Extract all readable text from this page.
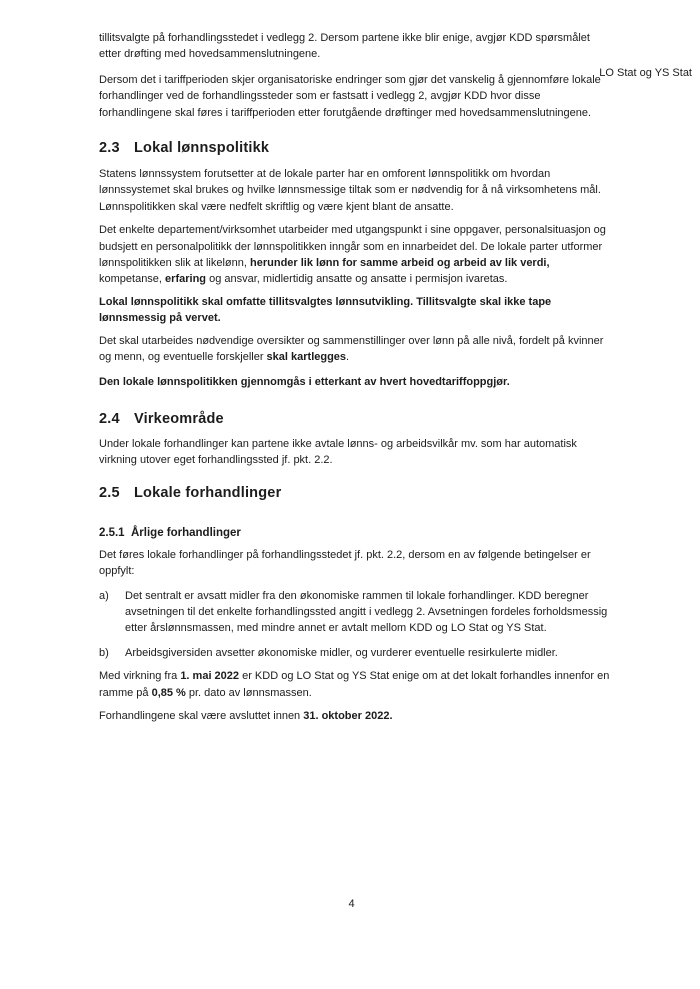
LO Stat og YS Stat

tillitsvalgte på forhandlingsstedet i vedlegg 2. Dersom partene ikke blir enige, avgjør KDD spørsmålet etter drøfting med hovedsammenslutningene.

Dersom det i tariffperioden skjer organisatoriske endringer som gjør det vanskelig å gjennomføre lokale forhandlinger ved de forhandlingssteder som er fastsatt i vedlegg 2, avgjør KDD hvor disse forhandlingene skal føres i tariffperioden etter forutgående drøftinger med hovedsammenslutningene.

2.3 Lokal lønnspolitikk

Statens lønnssystem forutsetter at de lokale parter har en omforent lønnspolitikk om hvordan lønnssystemet skal brukes og hvilke lønnsmessige tiltak som er nødvendig for å nå virksomhetens mål. Lønnspolitikken skal være nedfelt skriftlig og være kjent blant de ansatte.

Det enkelte departement/virksomhet utarbeider med utgangspunkt i sine oppgaver, personalsituasjon og budsjett en personalpolitikk der lønnspolitikken inngår som en innarbeidet del. De lokale parter utformer lønnspolitikken slik at likelønn, herunder lik lønn for samme arbeid og arbeid av lik verdi, kompetanse, erfaring og ansvar, midlertidig ansatte og ansatte i permisjon ivaretas.

Lokal lønnspolitikk skal omfatte tillitsvalgtes lønnsutvikling. Tillitsvalgte skal ikke tape lønnsmessig på vervet.

Det skal utarbeides nødvendige oversikter og sammenstillinger over lønn på alle nivå, fordelt på kvinner og menn, og eventuelle forskjeller skal kartlegges.

Den lokale lønnspolitikken gjennomgås i etterkant av hvert hovedtariffoppgjør.

2.4 Virkeområde

Under lokale forhandlinger kan partene ikke avtale lønns- og arbeidsvilkår mv. som har automatisk virkning utover eget forhandlingssted jf. pkt. 2.2.

2.5 Lokale forhandlinger
2.5.1 Årlige forhandlinger

Det føres lokale forhandlinger på forhandlingsstedet jf. pkt. 2.2, dersom en av følgende betingelser er oppfylt:

a)	Det sentralt er avsatt midler fra den økonomiske rammen til lokale forhandlinger. KDD beregner avsetningen til det enkelte forhandlingssted angitt i vedlegg 2. Avsetningen fordeles forholdsmessig etter årslønnsmassen, med mindre annet er avtalt mellom KDD og LO Stat og YS Stat.
b)	Arbeidsgiversiden avsetter økonomiske midler, og vurderer eventuelle resirkulerte midler.

Med virkning fra 1. mai 2022 er KDD og LO Stat og YS Stat enige om at det lokalt forhandles innenfor en ramme på 0,85 % pr. dato av lønnsmassen.

Forhandlingene skal være avsluttet innen 31. oktober 2022.

4
